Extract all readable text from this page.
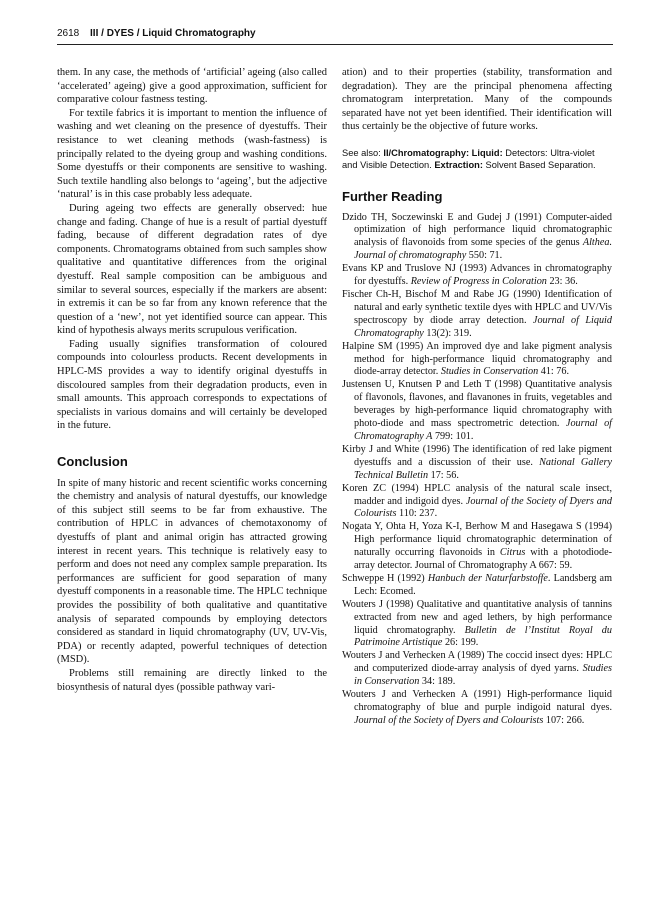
2618 III / DYES / Liquid Chromatography

them. In any case, the methods of ‘artificial’ ageing (also called ‘accelerated’ ageing) give a good approximation, sufficient for comparative colour fastness testing.

For textile fabrics it is important to mention the influence of washing and wet cleaning on the presence of dyestuffs. Their resistance to wet cleaning methods (wash-fastness) is principally related to the dyeing group and washing conditions. Some dyestuffs or their components are sensitive to washing. Such textile handling also belongs to ‘ageing’, but the adjective ‘natural’ is in this case probably less adequate.

During ageing two effects are generally observed: hue change and fading. Change of hue is a result of partial dyestuff fading, because of different degradation rates of dye components. Chromatograms obtained from such samples show qualitative and quantitative differences from the original dyestuff. Real sample composition can be ambiguous and similar to several sources, especially if the markers are absent: in extremis it can be so far from any known reference that the question of a ‘new’, not yet identified source can appear. This kind of hypothesis always merits scrupulous verification.

Fading usually signifies transformation of coloured compounds into colourless products. Recent developments in HPLC-MS provides a way to identify original dyestuffs in discoloured samples from their degradation products, even in small amounts. This approach corresponds to expectations of specialists in various domains and will certainly be developed in the future.

Conclusion

In spite of many historic and recent scientific works concerning the chemistry and analysis of natural dyestuffs, our knowledge of this subject still seems to be far from exhaustive. The contribution of HPLC in advances of chemotaxonomy of dyestuffs of plant and animal origin has attracted growing interest in recent years. This technique is relatively easy to perform and does not need any complex sample preparation. Its performances are sufficient for good separation of many dyestuff components in a reasonable time. The HPLC technique provides the possibility of both qualitative and quantitative analysis of separated compounds by employing detectors considered as standard in liquid chromatography (UV, UV-Vis, PDA) or recently adapted, powerful techniques of detection (MSD).

Problems still remaining are directly linked to the biosynthesis of natural dyes (possible pathway vari-

ation) and to their properties (stability, transformation and degradation). They are the principal phenomena affecting chromatogram interpretation. Many of the compounds separated have not yet been identified. Their identification will thus certainly be the objective of future works.

See also: II/Chromatography: Liquid: Detectors: Ultra-violet and Visible Detection. Extraction: Solvent Based Separation.
Further Reading

Dzido TH, Soczewinski E and Gudej J (1991) Computer-aided optimization of high performance liquid chromatographic analysis of flavonoids from some species of the genus Althea. Journal of chromatography 550: 71.

Evans KP and Truslove NJ (1993) Advances in chromatography for dyestuffs. Review of Progress in Coloration 23: 36.

Fischer Ch-H, Bischof M and Rabe JG (1990) Identification of natural and early synthetic textile dyes with HPLC and UV/Vis spectroscopy by diode array detection. Journal of Liquid Chromatography 13(2): 319.

Halpine SM (1995) An improved dye and lake pigment analysis method for high-performance liquid chromatography and diode-array detector. Studies in Conservation 41: 76.

Justensen U, Knutsen P and Leth T (1998) Quantitative analysis of flavonols, flavones, and flavanones in fruits, vegetables and beverages by high-performance liquid chromatography with photo-diode and mass spectrometric detection. Journal of Chromatography A 799: 101.

Kirby J and White (1996) The identification of red lake pigment dyestuffs and a discussion of their use. National Gallery Technical Bulletin 17: 56.

Koren ZC (1994) HPLC analysis of the natural scale insect, madder and indigoid dyes. Journal of the Society of Dyers and Colourists 110: 237.

Nogata Y, Ohta H, Yoza K-I, Berhow M and Hasegawa S (1994) High performance liquid chromatographic determination of naturally occurring flavonoids in Citrus with a photodiode-array detector. Journal of Chromatography A 667: 59.

Schweppe H (1992) Hanbuch der Naturfarbstoffe. Landsberg am Lech: Ecomed.

Wouters J (1998) Qualitative and quantitative analysis of tannins extracted from new and aged lethers, by high performance liquid chromatography. Bulletin de l’Institut Royal du Patrimoine Artistique 26: 199.

Wouters J and Verhecken A (1989) The coccid insect dyes: HPLC and computerized diode-array analysis of dyed yarns. Studies in Conservation 34: 189.

Wouters J and Verhecken A (1991) High-performance liquid chromatography of blue and purple indigoid natural dyes. Journal of the Society of Dyers and Colourists 107: 266.
